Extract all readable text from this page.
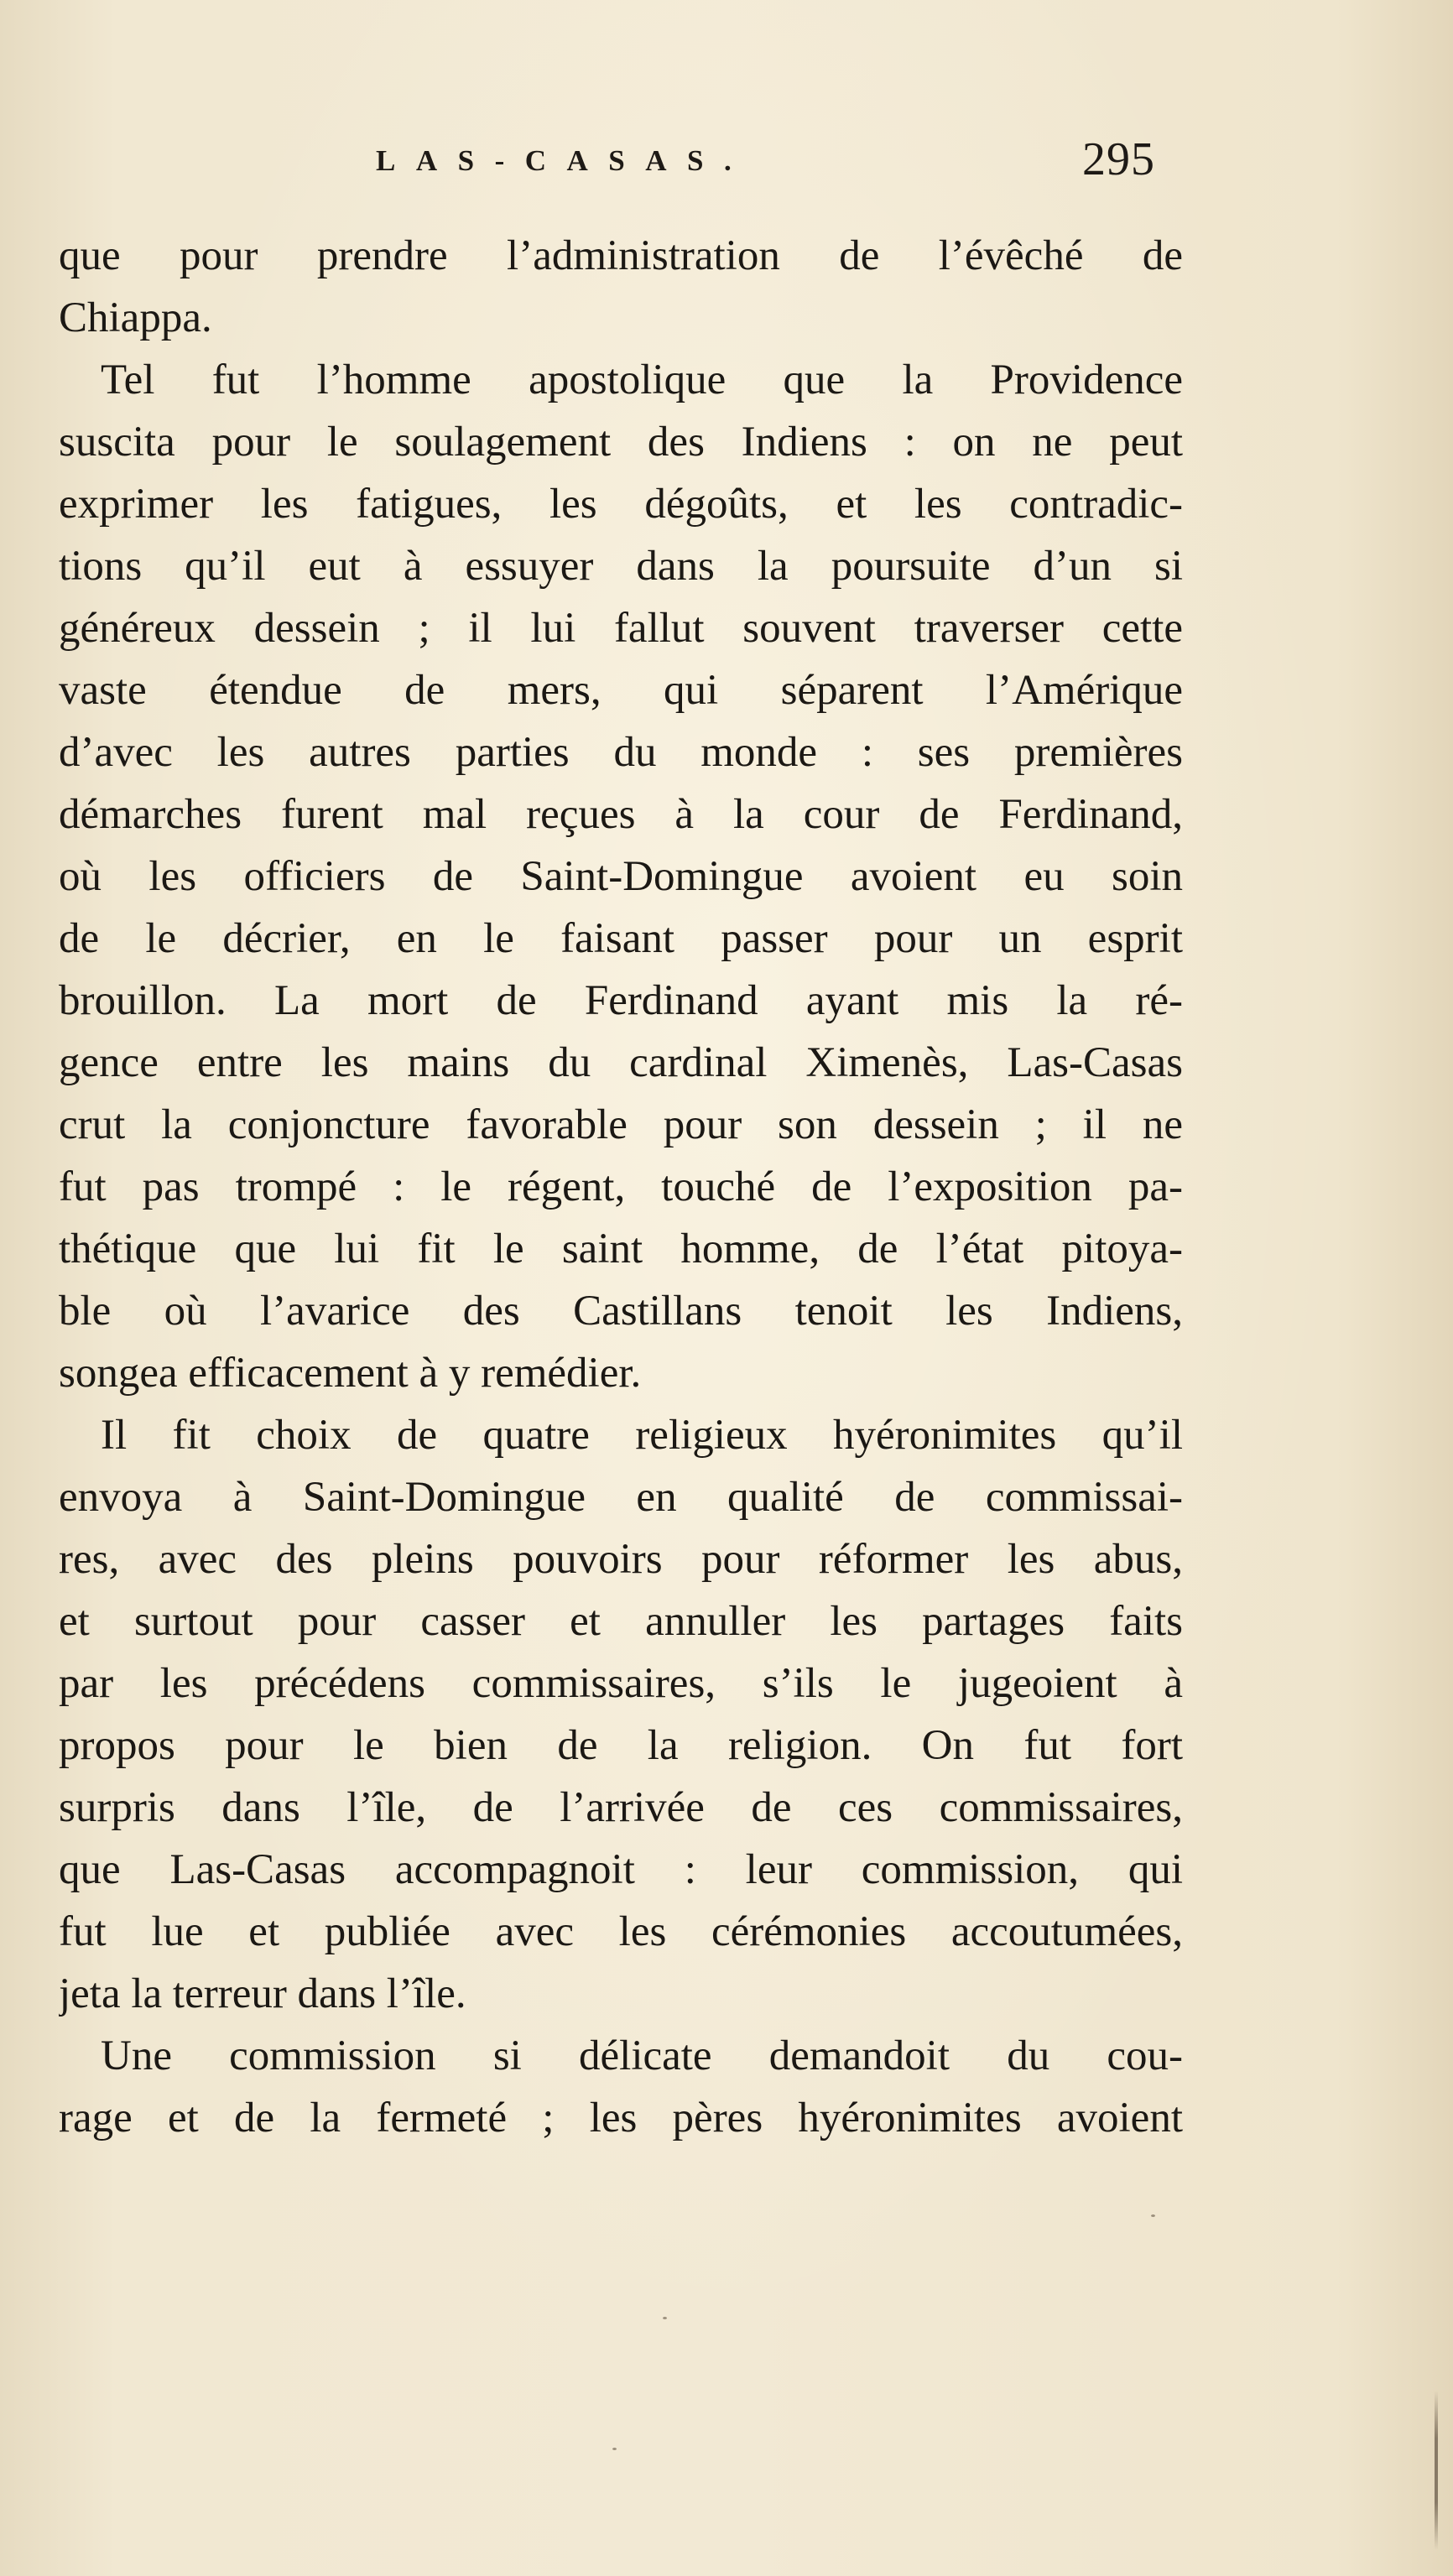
LAS-CASAS.	295
que pour prendre l’administration de l’évêché de
Chiappa.
Tel fut l’homme apostolique que la Providence
suscita pour le soulagement des Indiens : on ne peut
exprimer les fatigues, les dégoûts, et les contradic-
tions qu’il eut à essuyer dans la poursuite d’un si
généreux dessein ; il lui fallut souvent traverser cette
vaste étendue de mers, qui séparent l’Amérique
d’avec les autres parties du monde : ses premières
démarches furent mal reçues à la cour de Ferdinand,
où les officiers de Saint-Domingue avoient eu soin
de le décrier, en le faisant passer pour un esprit
brouillon. La mort de Ferdinand ayant mis la ré-
gence entre les mains du cardinal Ximenès, Las-Casas
crut la conjoncture favorable pour son dessein ; il ne
fut pas trompé : le régent, touché de l’exposition pa-
thétique que lui fit le saint homme, de l’état pitoya-
ble où l’avarice des Castillans tenoit les Indiens,
songea efficacement à y remédier.
Il fit choix de quatre religieux hyéronimites qu’il
envoya à Saint-Domingue en qualité de commissai-
res, avec des pleins pouvoirs pour réformer les abus,
et surtout pour casser et annuller les partages faits
par les précédens commissaires, s’ils le jugeoient à
propos pour le bien de la religion. On fut fort
surpris dans l’île, de l’arrivée de ces commissaires,
que Las-Casas accompagnoit : leur commission, qui
fut lue et publiée avec les cérémonies accoutumées,
jeta la terreur dans l’île.
Une commission si délicate demandoit du cou-
rage et de la fermeté ; les pères hyéronimites avoient
